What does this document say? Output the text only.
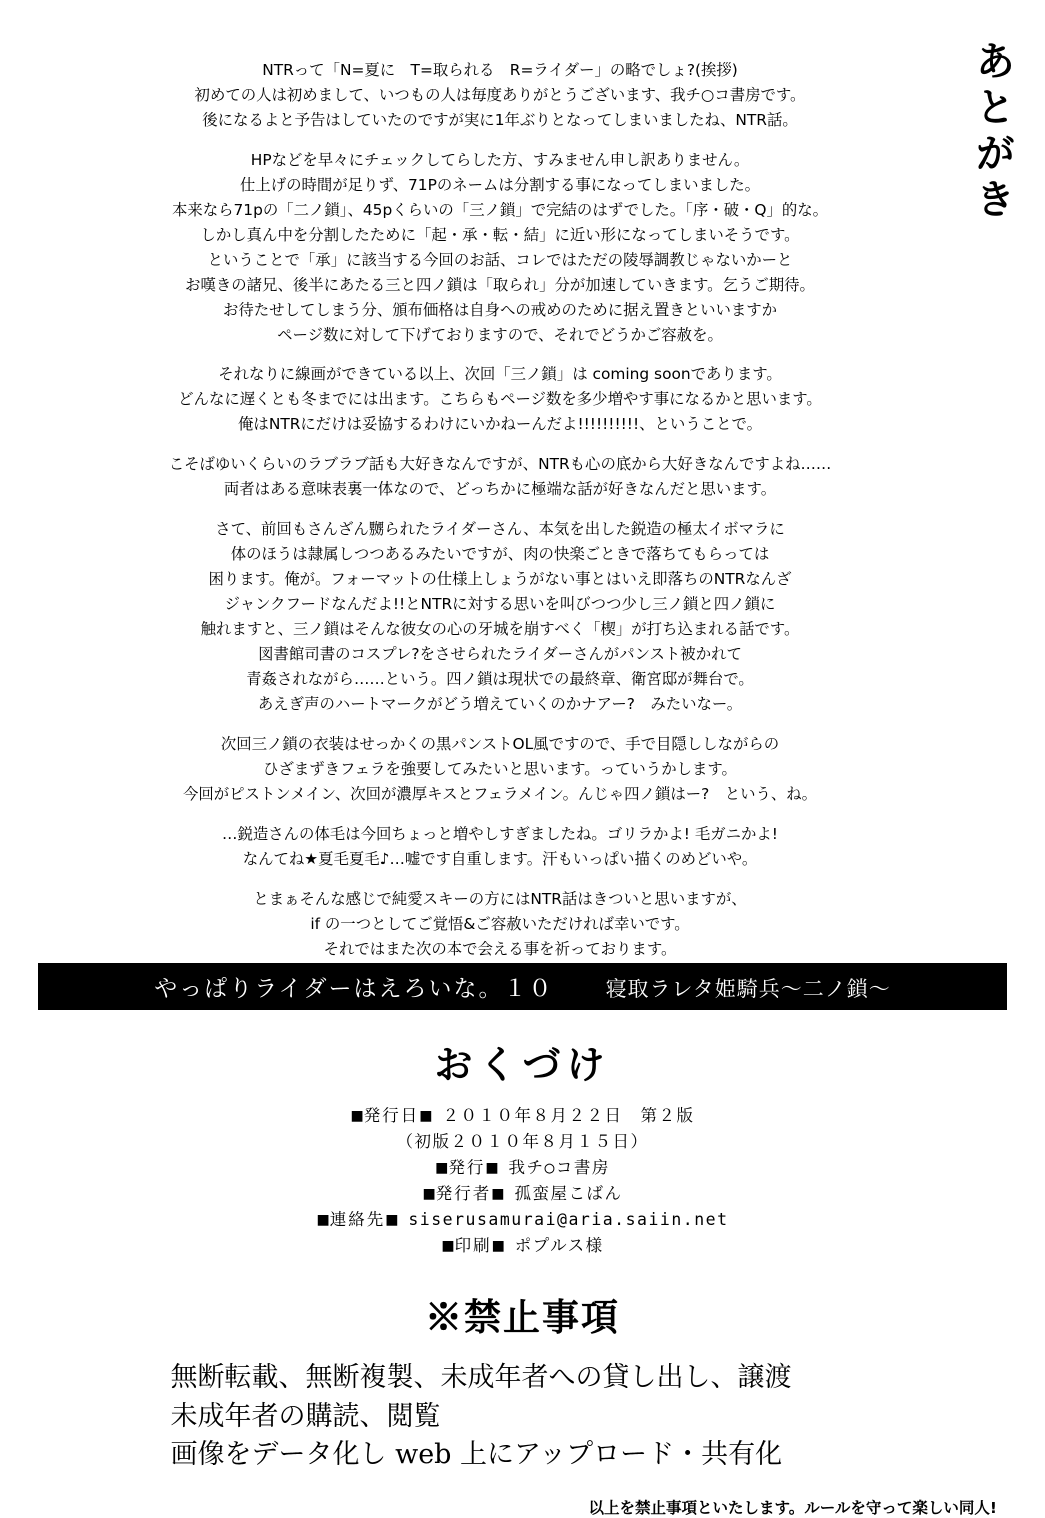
あとがき
NTRって「N=夏に　T=取られる　R=ライダー」の略でしょ?(挨拶)
初めての人は初めまして、いつもの人は毎度ありがとうございます、我チ○コ書房です。
後になるよと予告はしていたのですが実に1年ぶりとなってしまいましたね、NTR話。
HPなどを早々にチェックしてらした方、すみません申し訳ありません。
仕上げの時間が足りず、71Pのネームは分割する事になってしまいました。
本来なら71pの「二ノ鎖」、45pくらいの「三ノ鎖」で完結のはずでした。「序・破・Q」的な。
しかし真ん中を分割したために「起・承・転・結」に近い形になってしまいそうです。
ということで「承」に該当する今回のお話、コレではただの陵辱調教じゃないかーと
お嘆きの諸兄、後半にあたる三と四ノ鎖は「取られ」分が加速していきます。乞うご期待。
お待たせしてしまう分、頒布価格は自身への戒めのために据え置きといいますか
ページ数に対して下げておりますので、それでどうかご容赦を。
それなりに線画ができている以上、次回「三ノ鎖」は coming soonであります。
どんなに遅くとも冬までには出ます。こちらもページ数を多少増やす事になるかと思います。
俺はNTRにだけは妥協するわけにいかねーんだよ!!!!!!!!!!、ということで。
こそばゆいくらいのラブラブ話も大好きなんですが、NTRも心の底から大好きなんですよね……
両者はある意味表裏一体なので、どっちかに極端な話が好きなんだと思います。
さて、前回もさんざん嬲られたライダーさん、本気を出した鋭造の極太イボマラに
体のほうは隷属しつつあるみたいですが、肉の快楽ごときで落ちてもらっては
困ります。俺が。フォーマットの仕様上しょうがない事とはいえ即落ちのNTRなんざ
ジャンクフードなんだよ!!とNTRに対する思いを叫びつつ少し三ノ鎖と四ノ鎖に
触れますと、三ノ鎖はそんな彼女の心の牙城を崩すべく「楔」が打ち込まれる話です。
図書館司書のコスプレ?をさせられたライダーさんがパンスト被かれて
青姦されながら……という。四ノ鎖は現状での最終章、衛宮邸が舞台で。
あえぎ声のハートマークがどう増えていくのかナアー?　みたいなー。
次回三ノ鎖の衣装はせっかくの黒パンストOL風ですので、手で目隠ししながらの
ひざまずきフェラを強要してみたいと思います。っていうかします。
今回がピストンメイン、次回が濃厚キスとフェラメイン。んじゃ四ノ鎖はー?　という、ね。
…鋭造さんの体毛は今回ちょっと増やしすぎましたね。ゴリラかよ! 毛ガニかよ!
なんてね★夏毛夏毛♪…嘘です自重します。汗もいっぱい描くのめどいや。
とまぁそんな感じで純愛スキーの方にはNTR話はきついと思いますが、
if の一つとしてご覚悟&ご容赦いただければ幸いです。
それではまた次の本で会える事を祈っております。
やっぱりライダーはえろいな。１０ 寝取ラレタ姫騎兵〜二ノ鎖〜
おくづけ
■発行日■ ２０１０年８月２２日　第２版
（初版２０１０年８月１５日）
■発行■ 我チ○コ書房
■発行者■ 孤蛮屋こばん
■連絡先■ siserusamurai@aria.saiin.net
■印刷■ ポプルス様
※禁止事項
無断転載、無断複製、未成年者への貸し出し、譲渡
未成年者の購読、閲覧
画像をデータ化し web 上にアップロード・共有化
以上を禁止事項といたします。ルールを守って楽しい同人!
